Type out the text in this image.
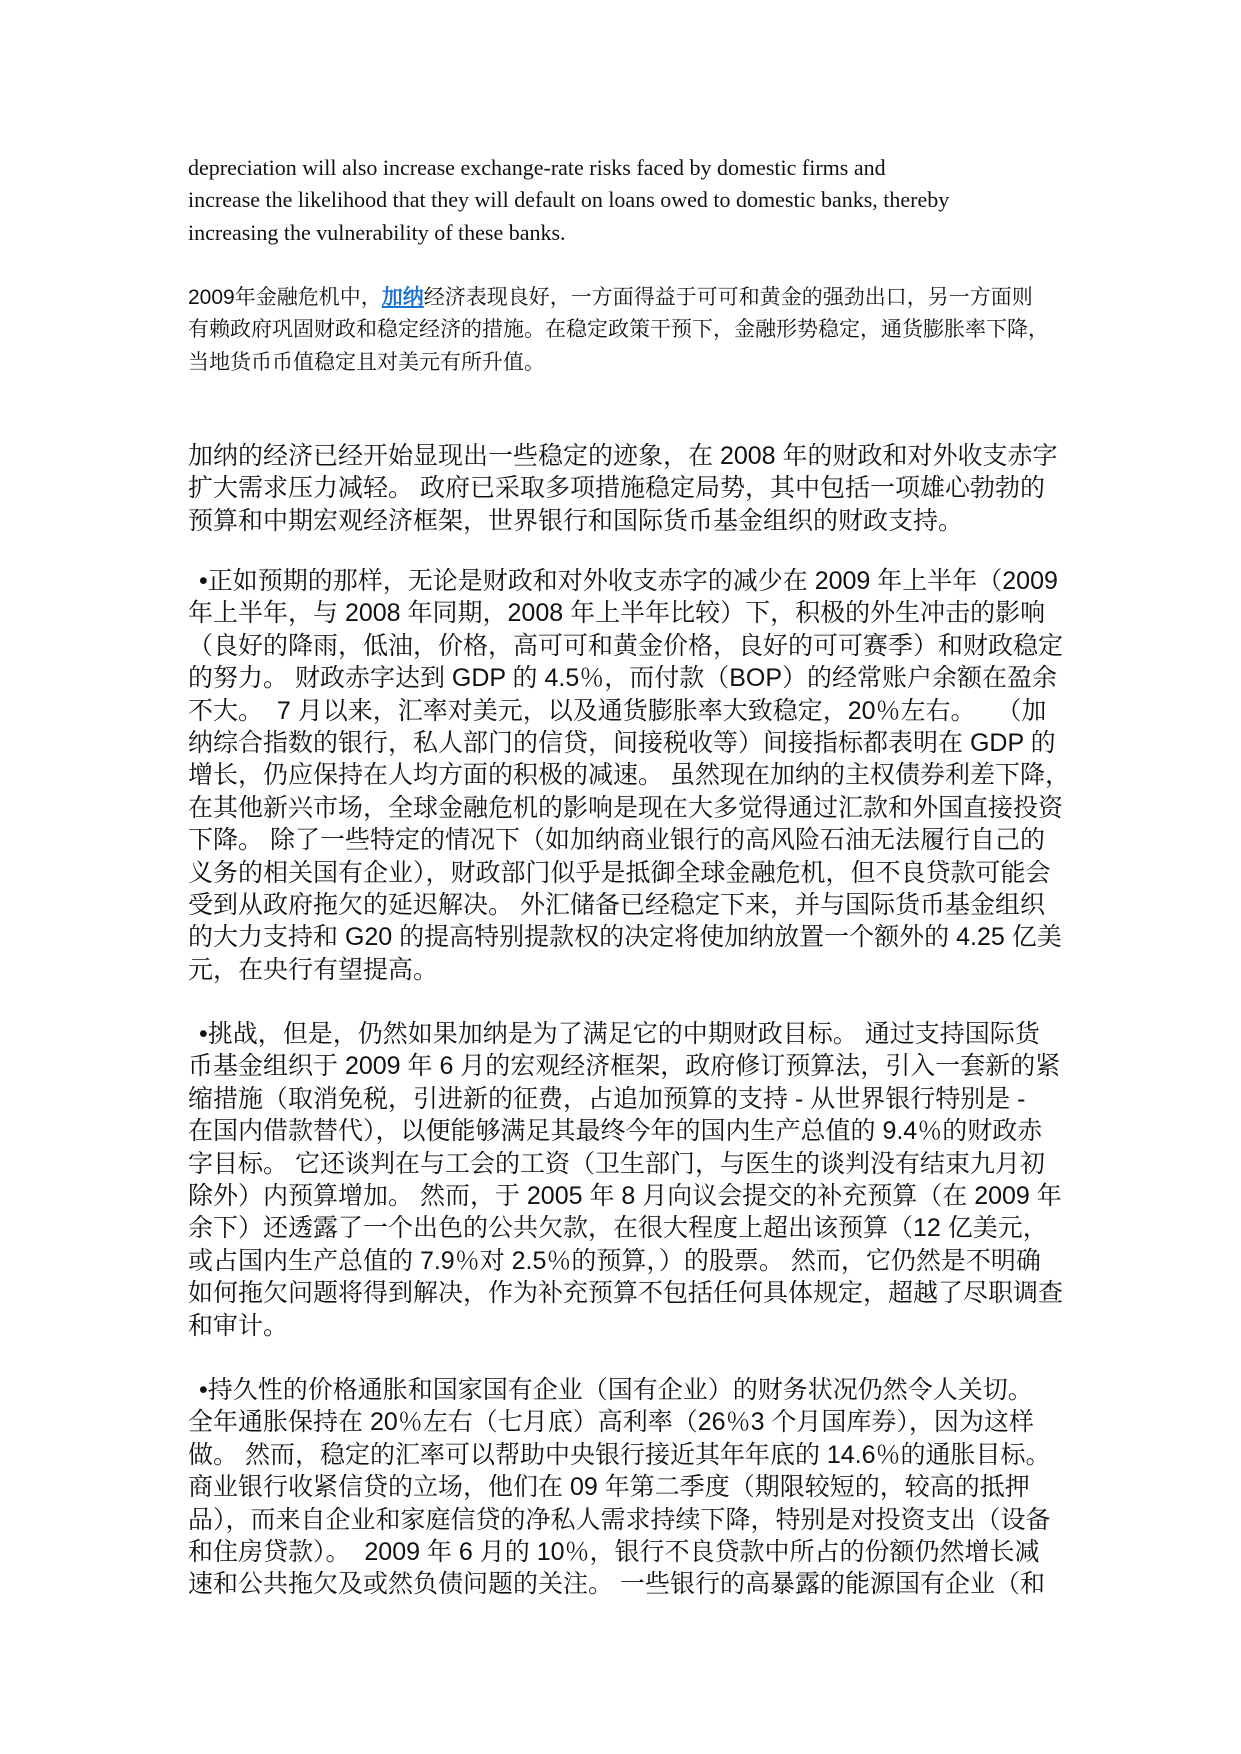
depreciation will also increase exchange-rate risks faced by domestic firms and
increase the likelihood that they will default on loans owed to domestic banks, thereby
increasing the vulnerability of these banks.
2009年金融危机中，加纳经济表现良好，一方面得益于可可和黄金的强劲出口，另一方面则
有赖政府巩固财政和稳定经济的措施。在稳定政策干预下，金融形势稳定，通货膨胀率下降，
当地货币币值稳定且对美元有所升值。
加纳的经济已经开始显现出一些稳定的迹象，在 2008 年的财政和对外收支赤字
扩大需求压力减轻。 政府已采取多项措施稳定局势，其中包括一项雄心勃勃的
预算和中期宏观经济框架，世界银行和国际货币基金组织的财政支持。
•正如预期的那样，无论是财政和对外收支赤字的减少在 2009 年上半年（2009
年上半年，与 2008 年同期，2008 年上半年比较）下，积极的外生冲击的影响
（良好的降雨，低油，价格，高可可和黄金价格，良好的可可赛季）和财政稳定
的努力。 财政赤字达到 GDP 的 4.5％，而付款（BOP）的经常账户余额在盈余
不大。  7 月以来，汇率对美元，以及通货膨胀率大致稳定，20％左右。   （加
纳综合指数的银行，私人部门的信贷，间接税收等）间接指标都表明在 GDP 的
增长，仍应保持在人均方面的积极的减速。 虽然现在加纳的主权债券利差下降，
在其他新兴市场，全球金融危机的影响是现在大多觉得通过汇款和外国直接投资
下降。 除了一些特定的情况下（如加纳商业银行的高风险石油无法履行自己的
义务的相关国有企业），财政部门似乎是抵御全球金融危机，但不良贷款可能会
受到从政府拖欠的延迟解决。 外汇储备已经稳定下来，并与国际货币基金组织
的大力支持和 G20 的提高特别提款权的决定将使加纳放置一个额外的 4.25 亿美
元，在央行有望提高。
•挑战，但是，仍然如果加纳是为了满足它的中期财政目标。 通过支持国际货
币基金组织于 2009 年 6 月的宏观经济框架，政府修订预算法，引入一套新的紧
缩措施（取消免税，引进新的征费，占追加预算的支持 - 从世界银行特别是 -
在国内借款替代），以便能够满足其最终今年的国内生产总值的 9.4％的财政赤
字目标。 它还谈判在与工会的工资（卫生部门，与医生的谈判没有结束九月初
除外）内预算增加。 然而，于 2005 年 8 月向议会提交的补充预算（在 2009 年
余下）还透露了一个出色的公共欠款，在很大程度上超出该预算（12 亿美元，
或占国内生产总值的 7.9％对 2.5％的预算，）的股票。 然而，它仍然是不明确
如何拖欠问题将得到解决，作为补充预算不包括任何具体规定，超越了尽职调查
和审计。
•持久性的价格通胀和国家国有企业（国有企业）的财务状况仍然令人关切。
全年通胀保持在 20％左右（七月底）高利率（26％3 个月国库券），因为这样
做。 然而，稳定的汇率可以帮助中央银行接近其年年底的 14.6％的通胀目标。
商业银行收紧信贷的立场，他们在 09 年第二季度（期限较短的，较高的抵押
品），而来自企业和家庭信贷的净私人需求持续下降，特别是对投资支出（设备
和住房贷款）。  2009 年 6 月的 10％，银行不良贷款中所占的份额仍然增长减
速和公共拖欠及或然负债问题的关注。 一些银行的高暴露的能源国有企业（和
